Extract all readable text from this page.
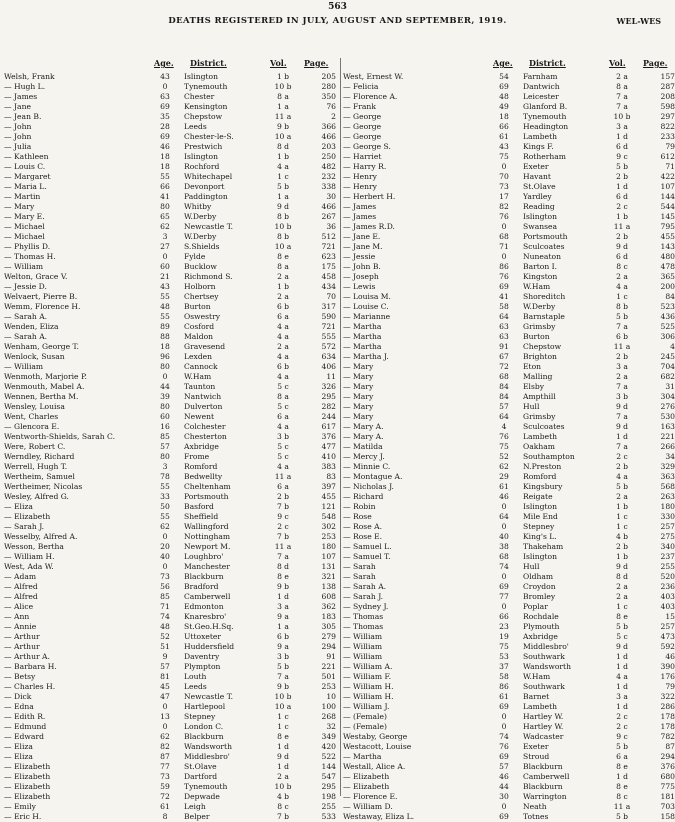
563
DEATHS REGISTERED IN JULY, AUGUST AND SEPTEMBER, 1919.	WEL-WES
Age. District.	Vol. Page.
Welsh, Frank	43	Islington	1 b	205
— Hugh L.	0	Tynemouth	10 b	280
— James	63	Chester	8 a	350
— Jane	69	Kensington	1 a	76
— Jean B.	35	Chepstow	11 a	2
— John	28	Leeds	9 b	366
— John	69	Chester-le-S.	10 a	466
— Julia	46	Prestwich	8 d	203
— Kathleen	18	Islington	1 b	250
— Louis C.	18	Rochford	4 a	482
— Margaret	55	Whitechapel	1 c	232
— Maria L.	66	Devonport	5 b	338
— Martin	41	Paddington	1 a	30
— Mary	80	Whitby	9 d	466
— Mary E.	65	W.Derby	8 b	267
— Michael	62	Newcastle T.	10 b	36
— Michael	3	W.Derby	8 b	512
— Phyllis D.	27	S.Shields	10 a	721
— Thomas H.	0	Fylde	8 e	623
— William	60	Bucklow	8 a	175
Welton, Grace V.	21	Richmond S.	2 a	458
— Jessie D.	43	Holborn	1 b	434
Welvaert, Pierre B.	55	Chertsey	2 a	70
Wemm, Florence H.	48	Burton	6 b	317
— Sarah A.	55	Oswestry	6 a	590
Wenden, Eliza	89	Cosford	4 a	721
— Sarah A.	88	Maldon	4 a	555
Wenham, George T.	18	Gravesend	2 a	572
Wenlock, Susan	96	Lexden	4 a	634
— William	80	Cannock	6 b	406
Wenmoth, Marjorie P.	0	W.Ham	4 a	11
Wenmouth, Mabel A.	44	Taunton	5 c	326
Wennen, Bertha M.	39	Nantwich	8 a	295
Wensley, Louisa	80	Dulverton	5 c	282
Went, Charles	60	Newent	6 a	244
— Glencora E.	16	Colchester	4 a	617
Wentworth-Shields, Sarah C.	85	Chesterton	3 b	376
Were, Robert C.	57	Axbridge	5 c	477
Werndley, Richard	80	Frome	5 c	410
Werrell, Hugh T.	3	Romford	4 a	383
Wertheim, Samuel	78	Bedwellty	11 a	83
Wertheimer, Nicolas	55	Cheltenham	6 a	397
Wesley, Alfred G.	33	Portsmouth	2 b	455
— Eliza	50	Basford	7 b	121
— Elizabeth	55	Sheffield	9 c	548
— Sarah J.	62	Wallingford	2 c	302
Wesselby, Alfred A.	0	Nottingham	7 b	253
Wesson, Bertha	20	Newport M.	11 a	180
— William H.	40	Loughbro'	7 a	107
West, Ada W.	0	Manchester	8 d	131
— Adam	73	Blackburn	8 e	321
— Alfred	56	Bradford	9 b	138
— Alfred	85	Camberwell	1 d	608
— Alice	71	Edmonton	3 a	362
— Ann	74	Knaresbro'	9 a	183
— Annie	48	St.Geo.H.Sq.	1 a	305
— Arthur	52	Uttoxeter	6 b	279
— Arthur	51	Huddersfield	9 a	294
— Arthur A.	9	Daventry	3 b	91
— Barbara H.	57	Plympton	5 b	221
— Betsy	81	Louth	7 a	501
— Charles H.	45	Leeds	9 b	253
— Dick	47	Newcastle T.	10 b	10
— Edna	0	Hartlepool	10 a	100
— Edith R.	13	Stepney	1 c	268
— Edmund	0	London C.	1 c	32
— Edward	62	Blackburn	8 e	349
— Eliza	82	Wandsworth	1 d	420
— Eliza	87	Middlesbro'	9 d	522
— Elizabeth	77	St.Olave	1 d	144
— Elizabeth	73	Dartford	2 a	547
— Elizabeth	59	Tynemouth	10 b	295
— Elizabeth	72	Depwade	4 b	198
— Emily	61	Leigh	8 c	255
— Eric H.	8	Belper	7 b	533
Age. District.	Vol. Page.
West, Ernest W.	54	Farnham	2 a	157
— Felicia	69	Dantwich	8 a	287
— Florence A.	48	Leicester	7 a	208
— Frank	49	Glanford B.	7 a	598
— George	18	Tynemouth	10 b	297
— George	66	Headington	3 a	822
— George	61	Lambeth	1 d	233
— George S.	43	Kings F.	6 d	79
— Harriet	75	Rotherham	9 c	612
— Harry R.	0	Exeter	5 b	71
— Henry	70	Havant	2 b	422
— Henry	73	St.Olave	1 d	107
— Herbert H.	17	Yardley	6 d	144
— James	82	Reading	2 c	544
— James	76	Islington	1 b	145
— James R.D.	0	Swansea	11 a	795
— Jane E.	68	Portsmouth	2 b	455
— Jane M.	71	Sculcoates	9 d	143
— Jessie	0	Nuneaton	6 d	480
— John B.	86	Barton I.	8 c	478
— Joseph	76	Kingston	2 a	365
— Lewis	69	W.Ham	4 a	200
— Louisa M.	41	Shoreditch	1 c	84
— Louise C.	58	W.Derby	8 b	523
— Marianne	64	Barnstaple	5 b	436
— Martha	63	Grimsby	7 a	525
— Martha	63	Burton	6 b	306
— Martha	91	Chepstow	11 a	4
— Martha J.	67	Brighton	2 b	245
— Mary	72	Eton	3 a	704
— Mary	68	Malling	2 a	682
— Mary	84	Elsby	7 a	31
— Mary	84	Ampthill	3 b	304
— Mary	57	Hull	9 d	276
— Mary	64	Grimsby	7 a	530
— Mary A.	4	Sculcoates	9 d	163
— Mary A.	76	Lambeth	1 d	221
— Matilda	75	Oakham	7 a	266
— Mercy J.	52	Southampton	2 c	34
— Minnie C.	62	N.Preston	2 b	329
— Montague A.	29	Romford	4 a	363
— Nicholas J.	61	Kingsbury	5 b	568
— Richard	46	Reigate	2 a	263
— Robin	0	Islington	1 b	180
— Rose	64	Mile End	1 c	330
— Rose A.	0	Stepney	1 c	257
— Rose E.	40	King's L.	4 b	275
— Samuel L.	38	Thakeham	2 b	340
— Samuel T.	68	Islington	1 b	237
— Sarah	74	Hull	9 d	255
— Sarah	0	Oldham	8 d	520
— Sarah A.	69	Croydon	2 a	236
— Sarah J.	77	Bromley	2 a	403
— Sydney J.	0	Poplar	1 c	403
— Thomas	66	Rochdale	8 e	15
— Thomas	23	Plymouth	5 b	257
— William	19	Axbridge	5 c	473
— William	75	Middlesbro'	9 d	592
— William	53	Southwark	1 d	46
— William A.	37	Wandsworth	1 d	390
— William F.	58	W.Ham	4 a	176
— William H.	86	Southwark	1 d	79
— William H.	61	Barnet	3 a	322
— William J.	69	Lambeth	1 d	286
— (Female)	0	Hartley W.	2 c	178
— (Female)	0	Hartley W.	2 c	178
Westaby, George	74	Wadcaster	9 c	782
Westacott, Louise	76	Exeter	5 b	87
— Martha	69	Stroud	6 a	294
Westall, Alice A.	57	Blackburn	8 e	376
— Elizabeth	46	Camberwell	1 d	680
— Elizabeth	44	Blackburn	8 e	775
— Florence E.	30	Warrington	8 c	181
— William D.	0	Neath	11 a	703
Westaway, Eliza L.	69	Totnes	5 b	158
